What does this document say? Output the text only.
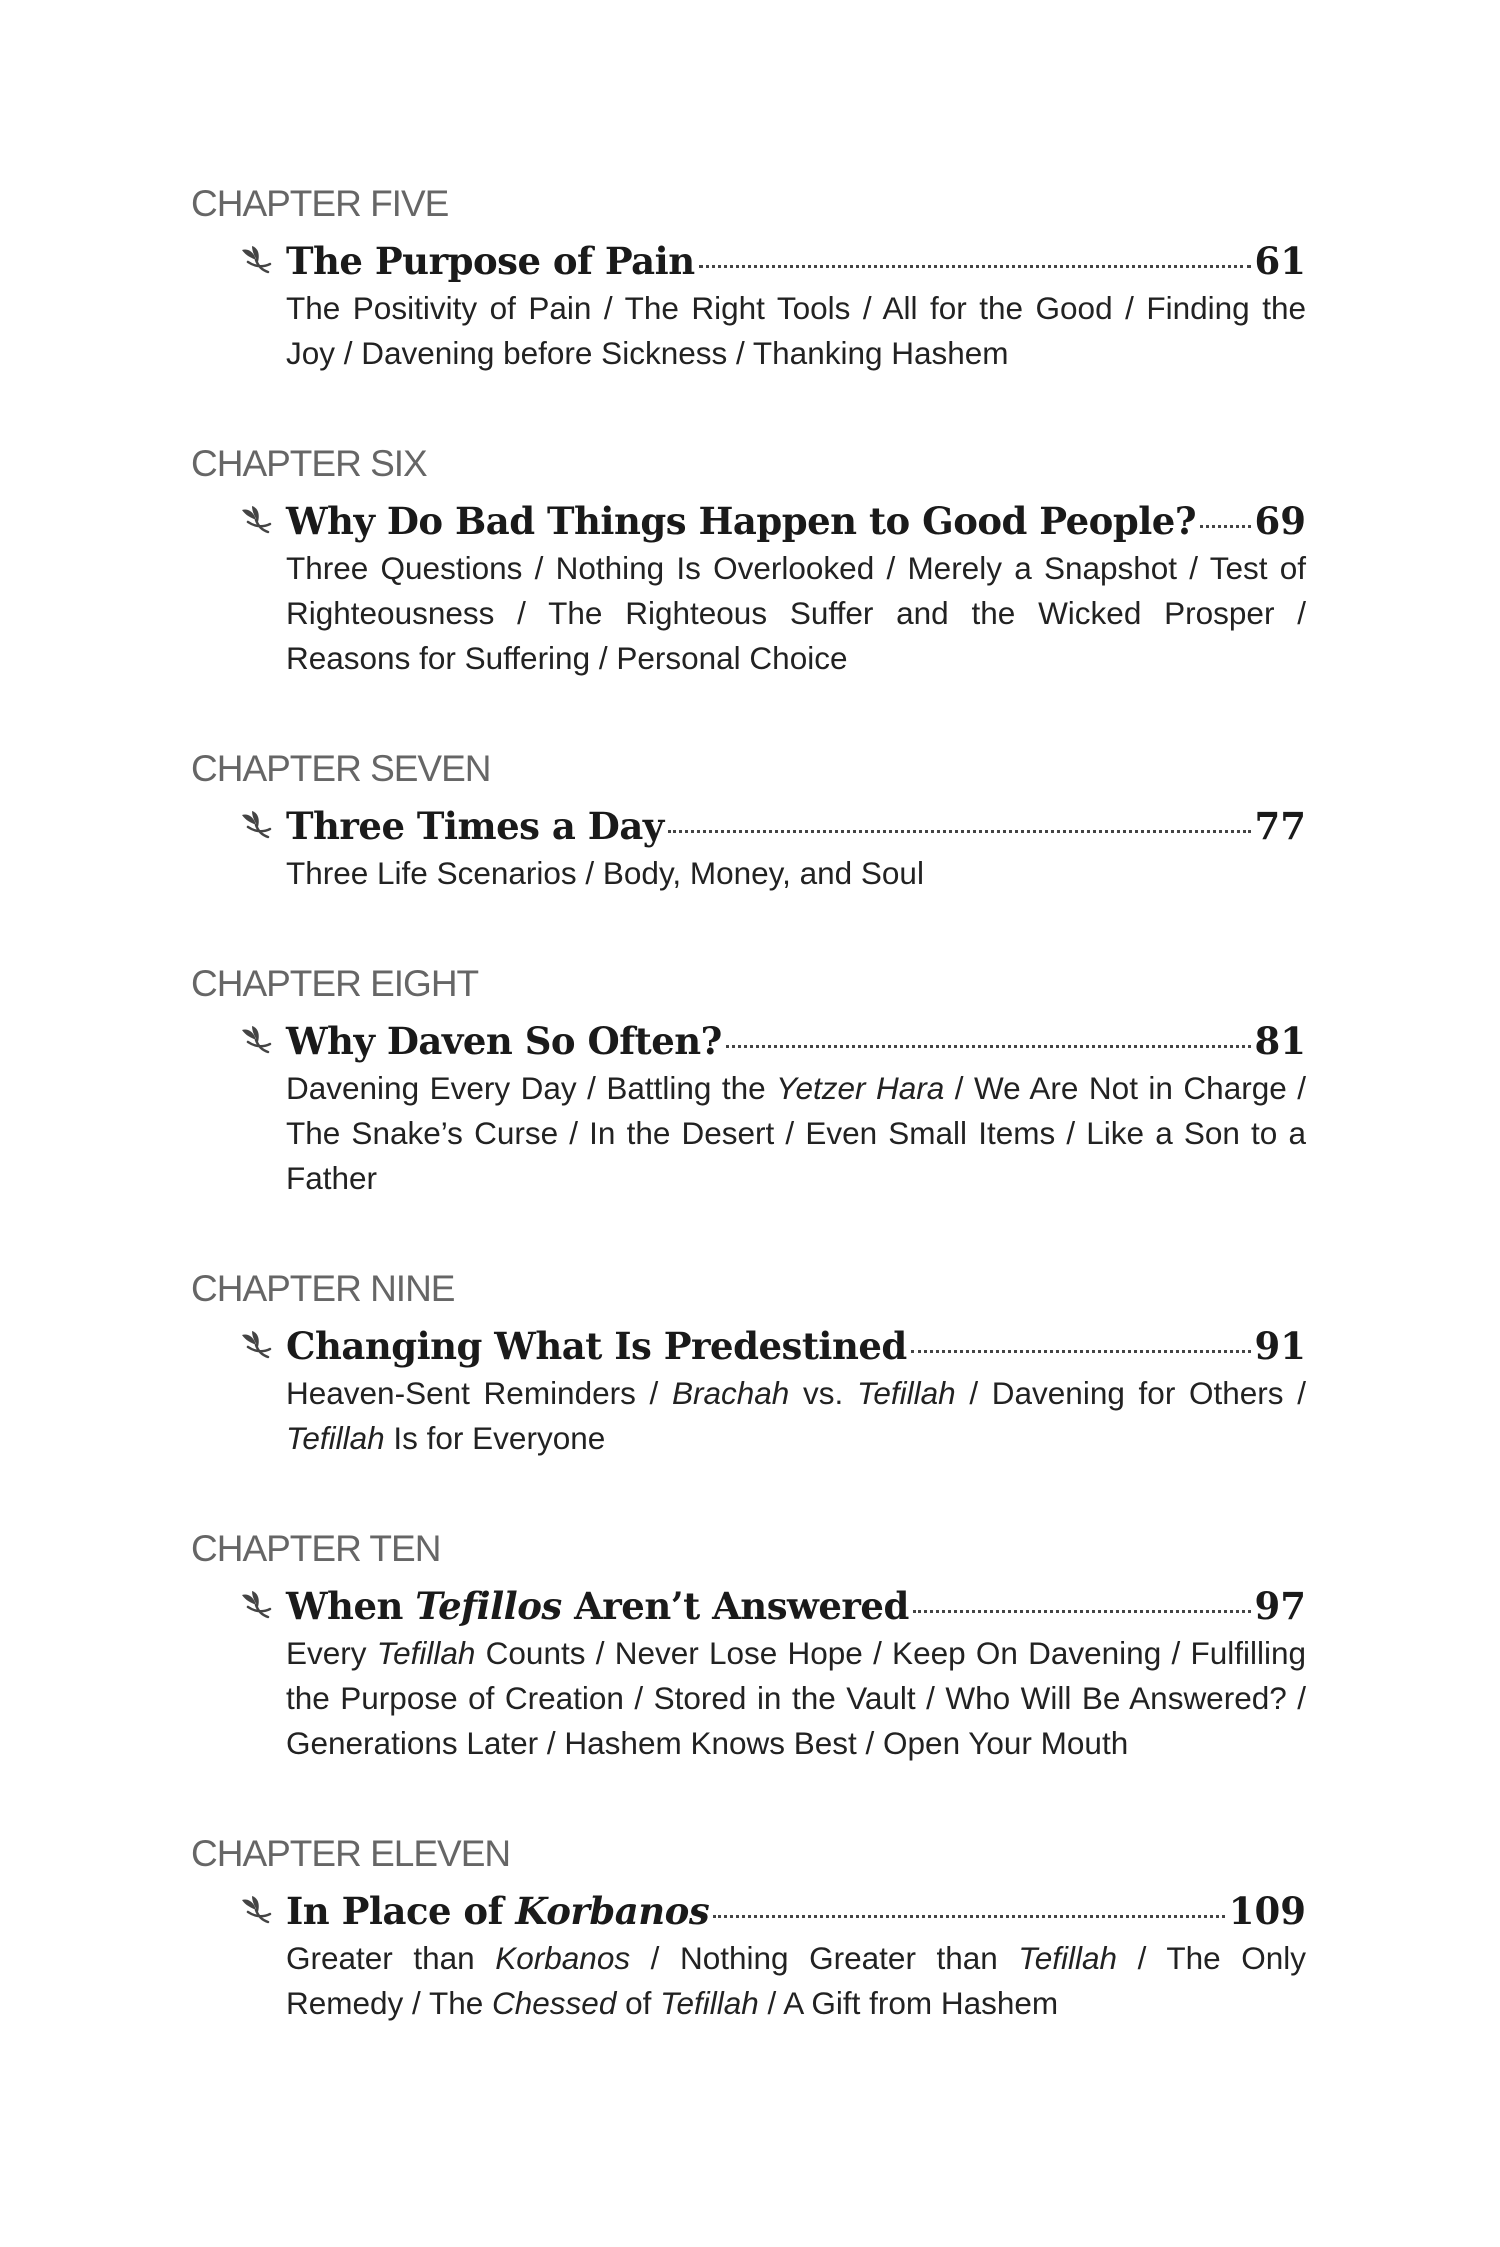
CHAPTER FIVE
The Purpose of Pain	61
The Positivity of Pain / The Right Tools / All for the Good / Finding the Joy / Davening before Sickness / Thanking Hashem
CHAPTER SIX
Why Do Bad Things Happen to Good People? 69
Three Questions / Nothing Is Overlooked / Merely a Snapshot / Test of Righteousness / The Righteous Suffer and the Wicked Prosper / Reasons for Suffering / Personal Choice
CHAPTER SEVEN
Three Times a Day	77
Three Life Scenarios / Body, Money, and Soul
CHAPTER EIGHT
Why Daven So Often?	81
Davening Every Day / Battling the Yetzer Hara / We Are Not in Charge / The Snake’s Curse / In the Desert / Even Small Items / Like a Son to a Father
CHAPTER NINE
Changing What Is Predestined	91
Heaven-Sent Reminders / Brachah vs. Tefillah / Davening for Others / Tefillah Is for Everyone
CHAPTER TEN
When Tefillos Aren’t Answered	97
Every Tefillah Counts / Never Lose Hope / Keep On Davening / Fulfilling the Purpose of Creation / Stored in the Vault / Who Will Be Answered? / Generations Later / Hashem Knows Best / Open Your Mouth
CHAPTER ELEVEN
In Place of Korbanos	109
Greater than Korbanos / Nothing Greater than Tefillah / The Only Remedy / The Chessed of Tefillah / A Gift from Hashem
